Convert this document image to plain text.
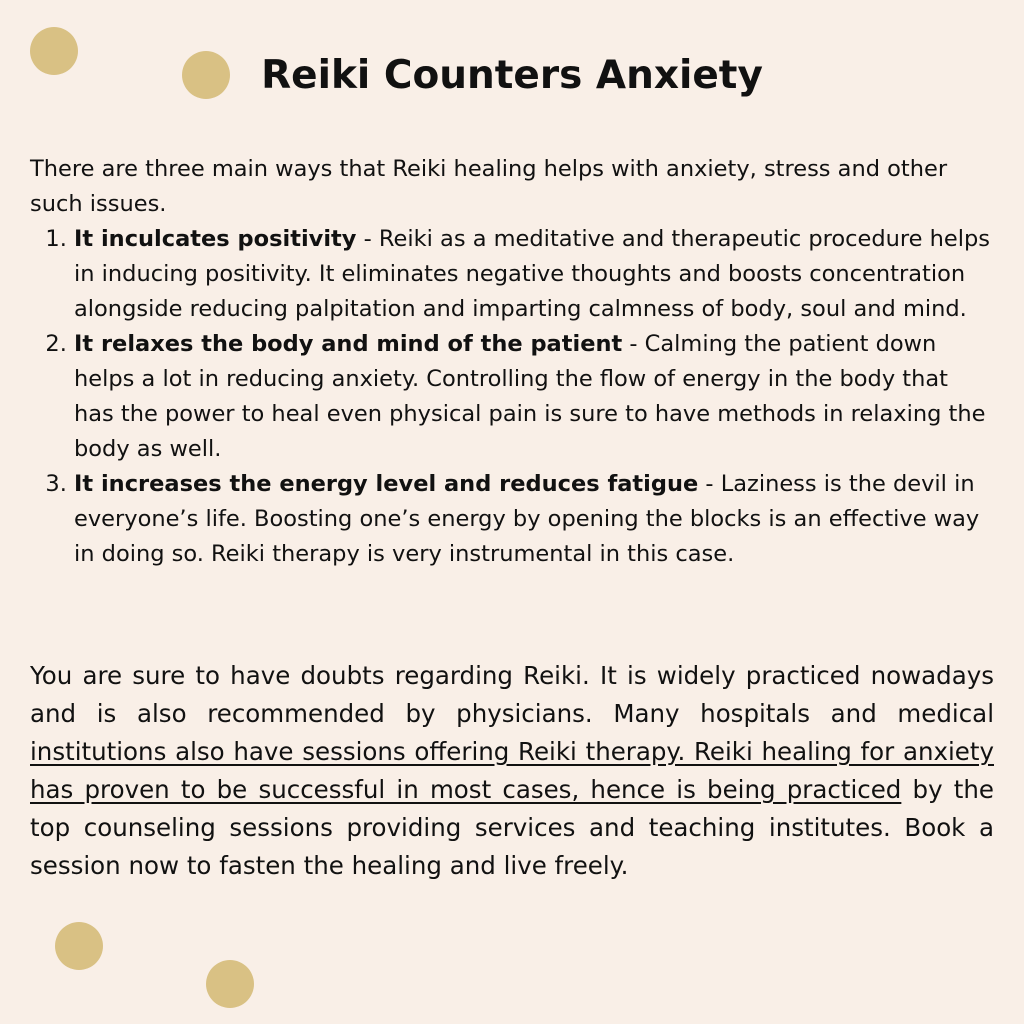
Reiki Counters Anxiety
There are three main ways that Reiki healing helps with anxiety, stress and other such issues.
1. It inculcates positivity - Reiki as a meditative and therapeutic procedure helps in inducing positivity. It eliminates negative thoughts and boosts concentration alongside reducing palpitation and imparting calmness of body, soul and mind.
2. It relaxes the body and mind of the patient - Calming the patient down helps a lot in reducing anxiety. Controlling the flow of energy in the body that has the power to heal even physical pain is sure to have methods in relaxing the body as well.
3. It increases the energy level and reduces fatigue - Laziness is the devil in everyone’s life. Boosting one’s energy by opening the blocks is an effective way in doing so. Reiki therapy is very instrumental in this case.

You are sure to have doubts regarding Reiki. It is widely practiced nowadays and is also recommended by physicians. Many hospitals and medical institutions also have sessions offering Reiki therapy. Reiki healing for anxiety has proven to be successful in most cases, hence is being practiced by the top counseling sessions providing services and teaching institutes. Book a session now to fasten the healing and live freely.
